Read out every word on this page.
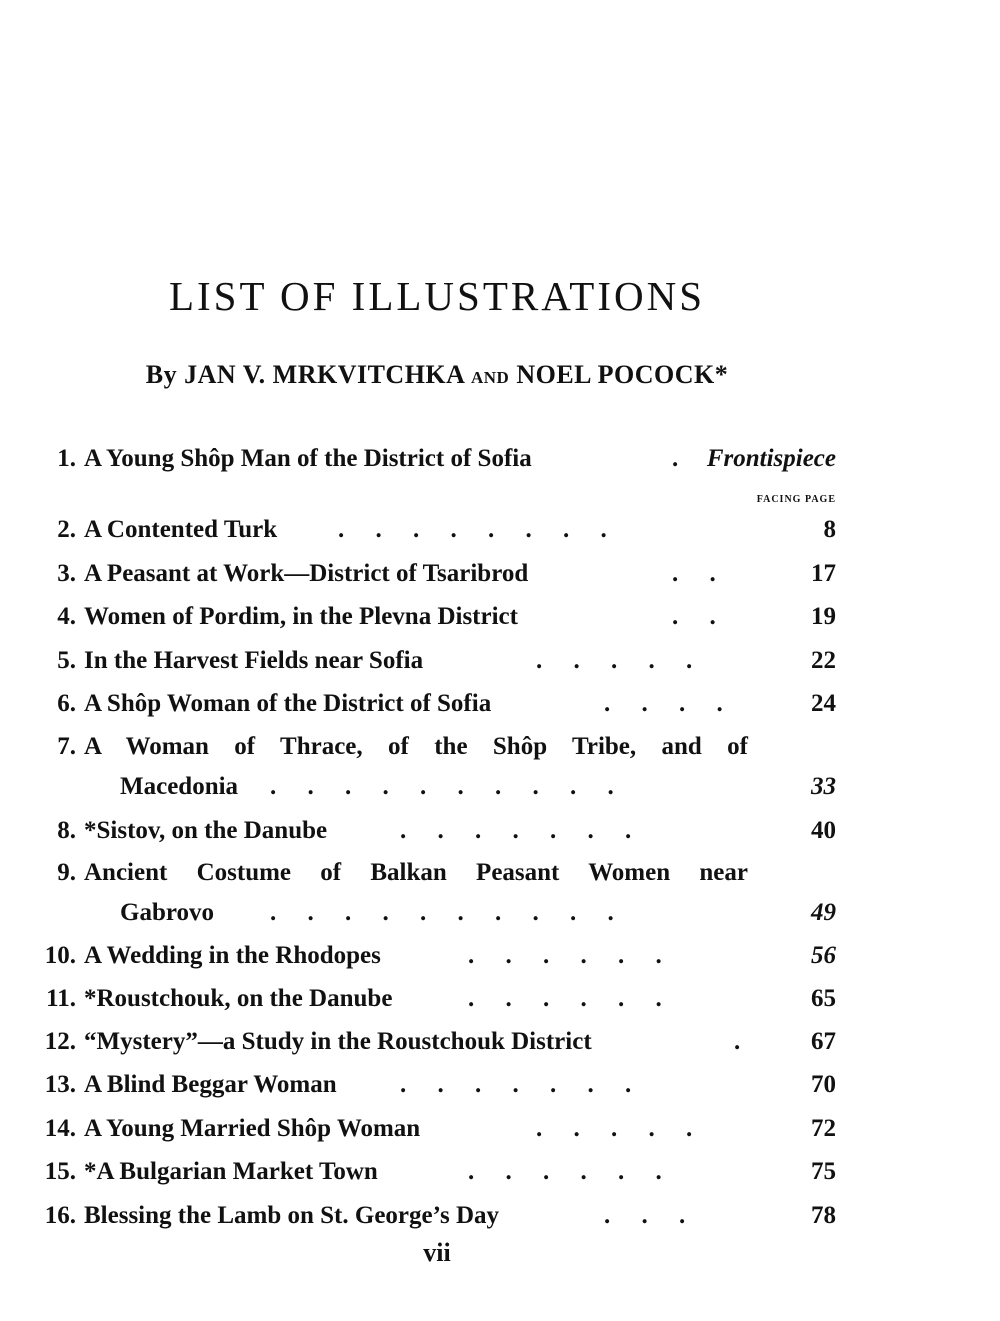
LIST OF ILLUSTRATIONS
By JAN V. MRKVITCHKA AND NOEL POCOCK*
FACING PAGE
1. A Young Shôp Man of the District of Sofia	. Frontispiece
2. A Contented Turk .     .     .     .     .     .     .     .	8
3. A Peasant at Work—District of Tsaribrod	.     .	17
4. Women of Pordim, in the Plevna District	.     .	19
5. In the Harvest Fields near Sofia	.     .     .     .     .	22
6. A Shôp Woman of the District of Sofia	.     .     .     .	24
7. A Woman of Thrace, of the Shôp Tribe, and of
Macedonia .     .     .     .     .     .     .     .     .     .	33
8. *Sistov, on the Danube	.     .     .     .     .     .     .	40
9. Ancient Costume of Balkan Peasant Women near
Gabrovo .     .     .     .     .     .     .     .     .     .	49
10. A Wedding in the Rhodopes	.     .     .     .     .     .	56
11. *Roustchouk, on the Danube	.     .     .     .     .     .	65
12. “Mystery”—a Study in the Roustchouk District	.	67
13. A Blind Beggar Woman	.     .     .     .     .     .     .	70
14. A Young Married Shôp Woman	.     .     .     .     .	72
15. *A Bulgarian Market Town	.     .     .     .     .     .	75
16. Blessing the Lamb on St. George’s Day	.     .     .	78
vii
